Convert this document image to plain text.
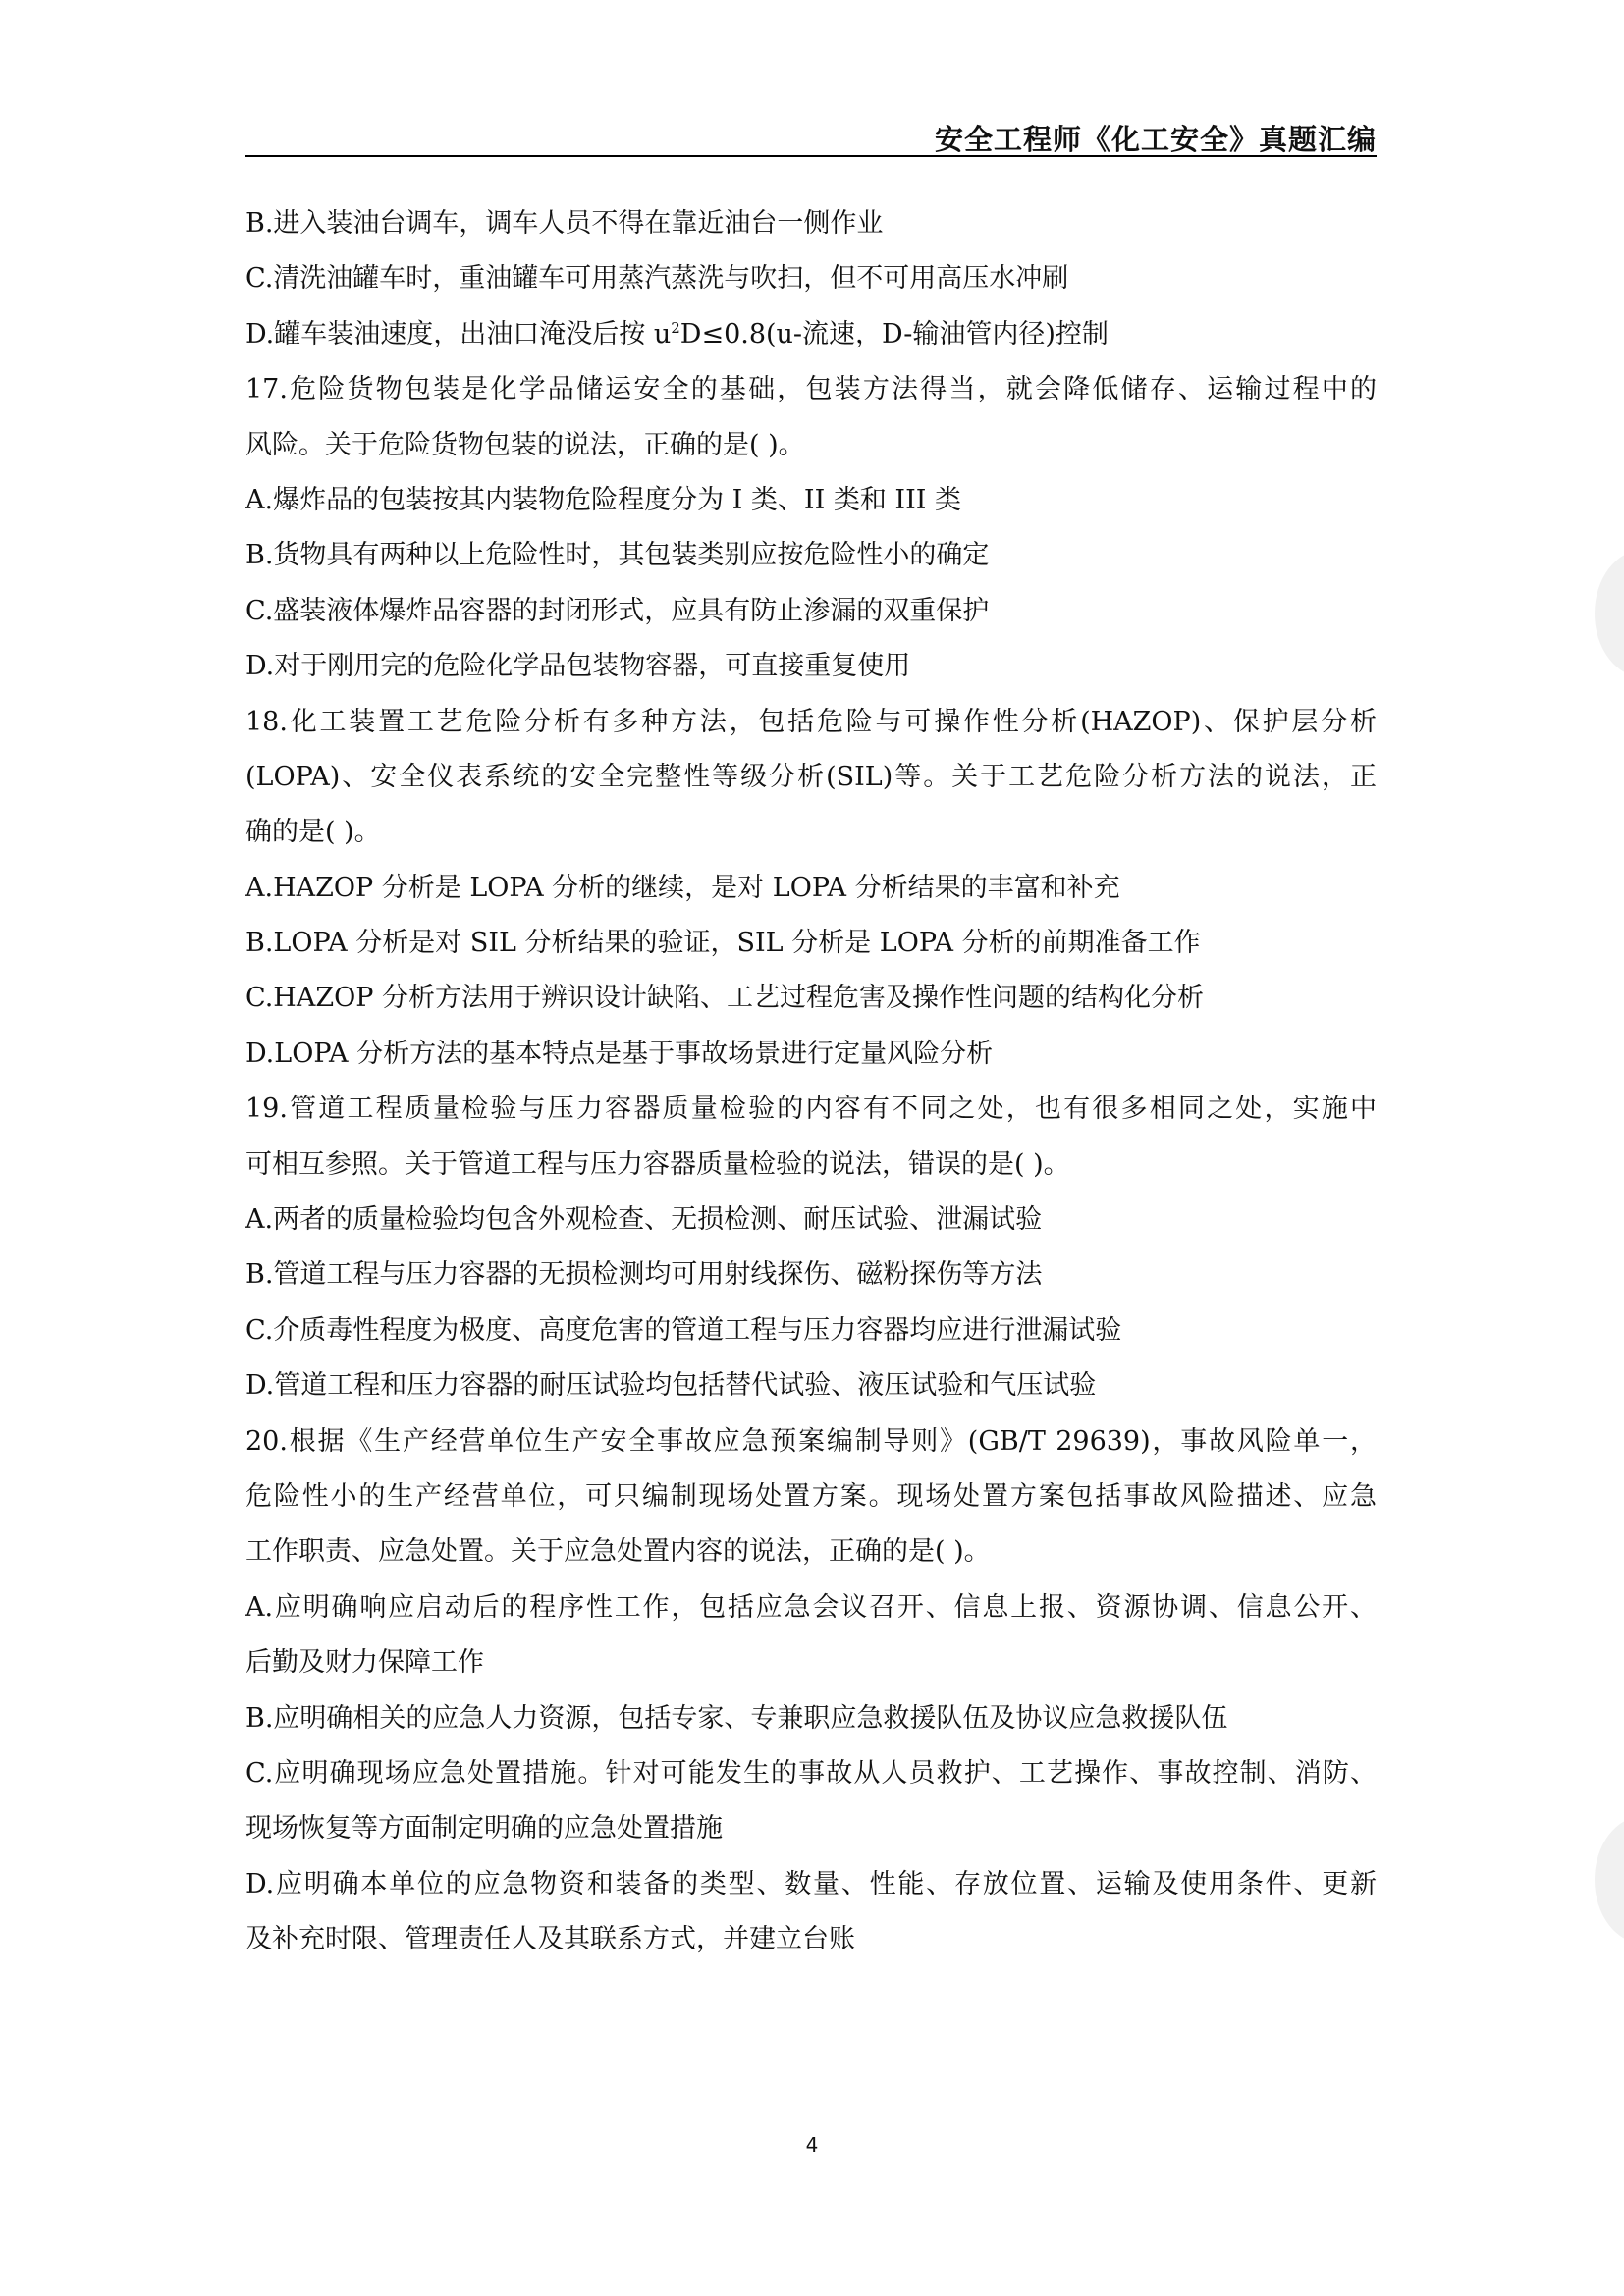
安全工程师《化工安全》真题汇编
B.进入装油台调车，调车人员不得在靠近油台一侧作业
C.清洗油罐车时，重油罐车可用蒸汽蒸洗与吹扫，但不可用高压水冲刷
D.罐车装油速度，出油口淹没后按 $u^2D\le 0.8(u-$流速，D-输油管内径)控制
17.危险货物包装是化学品储运安全的基础，包装方法得当，就会降低储存、运输过程中的
风险。关于危险货物包装的说法，正确的是( )。
A.爆炸品的包装按其内装物危险程度分为 I 类、II 类和 III 类
B.货物具有两种以上危险性时，其包装类别应按危险性小的确定
C.盛装液体爆炸品容器的封闭形式，应具有防止渗漏的双重保护
D.对于刚用完的危险化学品包装物容器，可直接重复使用
18.化工装置工艺危险分析有多种方法，包括危险与可操作性分析(HAZOP)、保护层分析
(LOPA)、安全仪表系统的安全完整性等级分析(SIL)等。关于工艺危险分析方法的说法，正
确的是( )。
A.HAZOP 分析是 LOPA 分析的继续，是对 LOPA 分析结果的丰富和补充
B.LOPA 分析是对 SIL 分析结果的验证，SIL 分析是 LOPA 分析的前期准备工作
C.HAZOP 分析方法用于辨识设计缺陷、工艺过程危害及操作性问题的结构化分析
D.LOPA 分析方法的基本特点是基于事故场景进行定量风险分析
19.管道工程质量检验与压力容器质量检验的内容有不同之处，也有很多相同之处，实施中
可相互参照。关于管道工程与压力容器质量检验的说法，错误的是( )。
A.两者的质量检验均包含外观检查、无损检测、耐压试验、泄漏试验
B.管道工程与压力容器的无损检测均可用射线探伤、磁粉探伤等方法
C.介质毒性程度为极度、高度危害的管道工程与压力容器均应进行泄漏试验
D.管道工程和压力容器的耐压试验均包括替代试验、液压试验和气压试验
20.根据《生产经营单位生产安全事故应急预案编制导则》(GB/T 29639)，事故风险单一，
危险性小的生产经营单位，可只编制现场处置方案。现场处置方案包括事故风险描述、应急
工作职责、应急处置。关于应急处置内容的说法，正确的是( )。
A.应明确响应启动后的程序性工作，包括应急会议召开、信息上报、资源协调、信息公开、
后勤及财力保障工作
B.应明确相关的应急人力资源，包括专家、专兼职应急救援队伍及协议应急救援队伍
C.应明确现场应急处置措施。针对可能发生的事故从人员救护、工艺操作、事故控制、消防、
现场恢复等方面制定明确的应急处置措施
D.应明确本单位的应急物资和装备的类型、数量、性能、存放位置、运输及使用条件、更新
及补充时限、管理责任人及其联系方式，并建立台账
4
